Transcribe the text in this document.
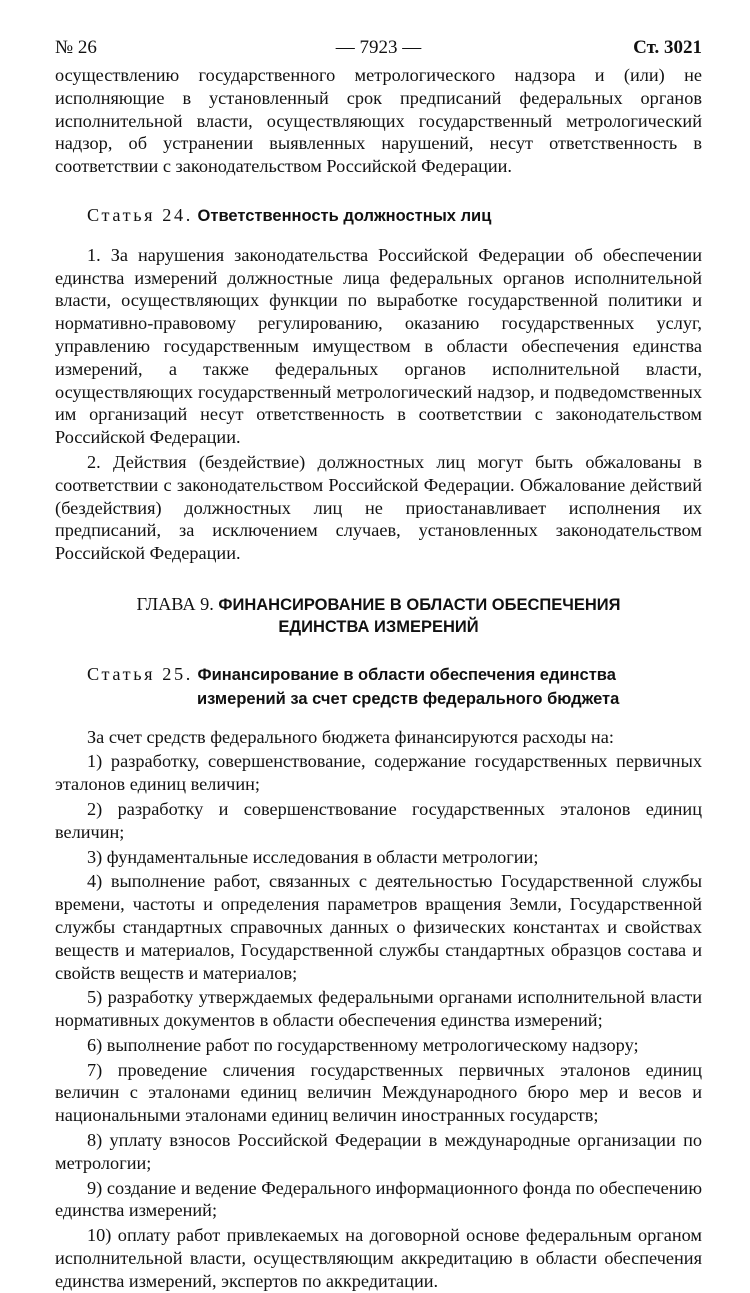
№ 26	— 7923 —	Ст. 3021

осуществлению государственного метрологического надзора и (или) не исполняющие в установленный срок предписаний федеральных органов исполнительной власти, осуществляющих государственный метрологический надзор, об устранении выявленных нарушений, несут ответственность в соответствии с законодательством Российской Федерации.

Статья 24. Ответственность должностных лиц

1. За нарушения законодательства Российской Федерации об обеспечении единства измерений должностные лица федеральных органов исполнительной власти, осуществляющих функции по выработке государственной политики и нормативно-правовому регулированию, оказанию государственных услуг, управлению государственным имуществом в области обеспечения единства измерений, а также федеральных органов исполнительной власти, осуществляющих государственный метрологический надзор, и подведомственных им организаций несут ответственность в соответствии с законодательством Российской Федерации.

2. Действия (бездействие) должностных лиц могут быть обжалованы в соответствии с законодательством Российской Федерации. Обжалование действий (бездействия) должностных лиц не приостанавливает исполнения их предписаний, за исключением случаев, установленных законодательством Российской Федерации.

ГЛАВА 9. ФИНАНСИРОВАНИЕ В ОБЛАСТИ ОБЕСПЕЧЕНИЯ

ЕДИНСТВА ИЗМЕРЕНИЙ

Статья 25. Финансирование в области обеспечения единства измерений за счет средств федерального бюджета

За счет средств федерального бюджета финансируются расходы на:

1) разработку, совершенствование, содержание государственных первичных эталонов единиц величин;

2) разработку и совершенствование государственных эталонов единиц величин;

3) фундаментальные исследования в области метрологии;

4) выполнение работ, связанных с деятельностью Государственной службы времени, частоты и определения параметров вращения Земли, Государственной службы стандартных справочных данных о физических константах и свойствах веществ и материалов, Государственной службы стандартных образцов состава и свойств веществ и материалов;

5) разработку утверждаемых федеральными органами исполнительной власти нормативных документов в области обеспечения единства измерений;

6) выполнение работ по государственному метрологическому надзору;

7) проведение сличения государственных первичных эталонов единиц величин с эталонами единиц величин Международного бюро мер и весов и национальными эталонами единиц величин иностранных государств;

8) уплату взносов Российской Федерации в международные организации по метрологии;

9) создание и ведение Федерального информационного фонда по обеспечению единства измерений;

10) оплату работ привлекаемых на договорной основе федеральным органом исполнительной власти, осуществляющим аккредитацию в области обеспечения единства измерений, экспертов по аккредитации.
